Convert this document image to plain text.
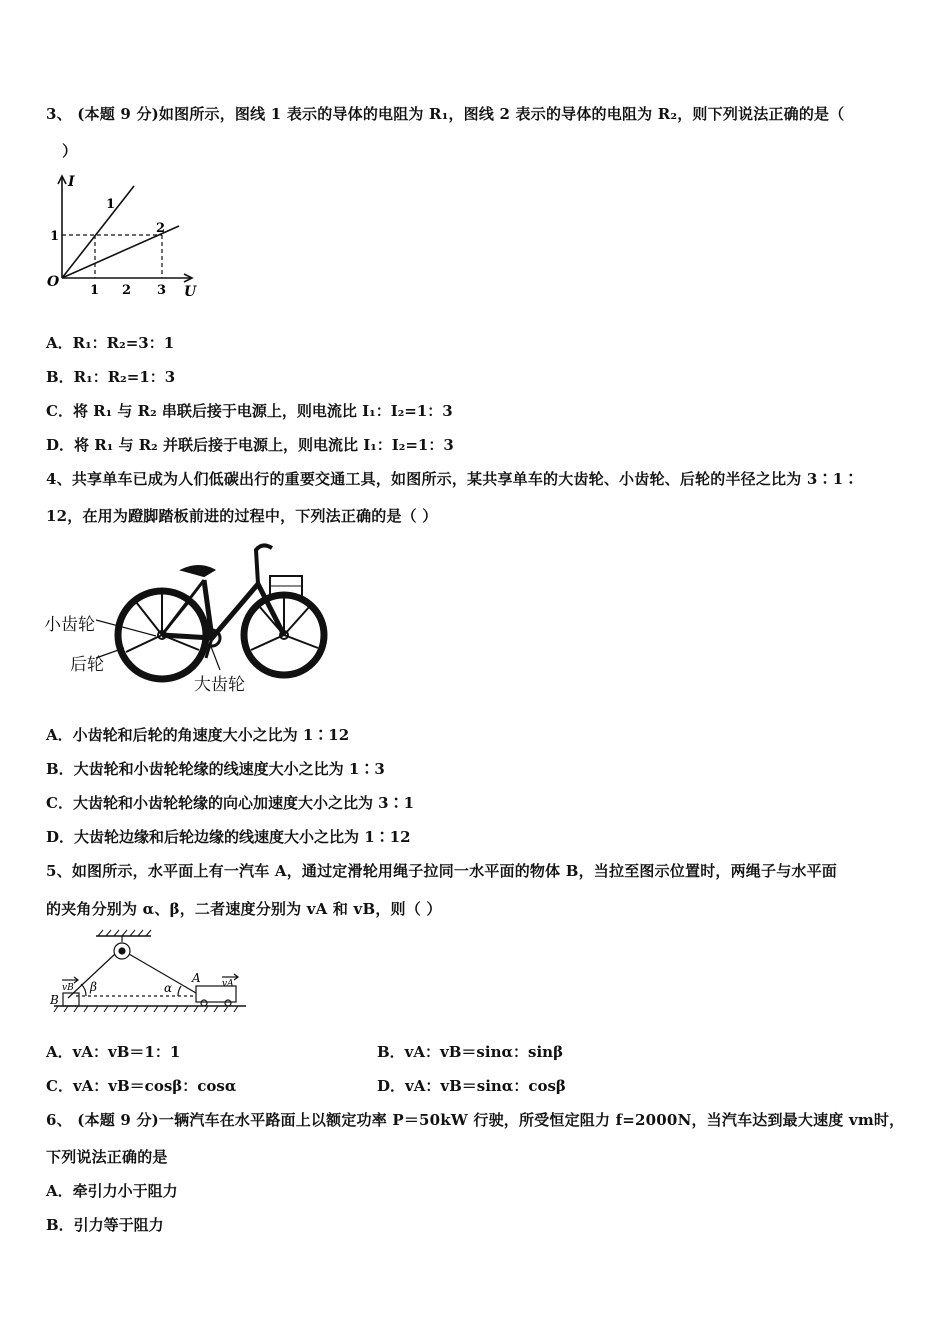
3、 (本题 9 分)如图所示，图线 1 表示的导体的电阻为 R₁，图线 2 表示的导体的电阻为 R₂，则下列说法正确的是（
）
I
U
O
1
2
1
1 2 3
A．R₁：R₂=3：1
B．R₁：R₂=1：3
C．将 R₁ 与 R₂ 串联后接于电源上，则电流比 I₁：I₂=1：3
D．将 R₁ 与 R₂ 并联后接于电源上，则电流比 I₁：I₂=1：3
4、共享单车已成为人们低碳出行的重要交通工具，如图所示，某共享单车的大齿轮、小齿轮、后轮的半径之比为 3∶1∶
12，在用为蹬脚踏板前进的过程中，下列法正确的是（ ）
小齿轮
后轮
大齿轮
A．小齿轮和后轮的角速度大小之比为 1∶12
B．大齿轮和小齿轮轮缘的线速度大小之比为 1∶3
C．大齿轮和小齿轮轮缘的向心加速度大小之比为 3∶1
D．大齿轮边缘和后轮边缘的线速度大小之比为 1∶12
5、如图所示，水平面上有一汽车 A，通过定滑轮用绳子拉同一水平面的物体 B，当拉至图示位置时，两绳子与水平面
的夹角分别为 α、β，二者速度分别为 vA 和 vB，则（ ）
B
A
β	α
vB	vA
A．vA：vB＝1：1	B．vA：vB＝sinα：sinβ
C．vA：vB＝cosβ：cosα	D．vA：vB＝sinα：cosβ
6、 (本题 9 分)一辆汽车在水平路面上以额定功率 P＝50kW 行驶，所受恒定阻力 f=2000N，当汽车达到最大速度 vm时，
下列说法正确的是
A．牵引力小于阻力
B．引力等于阻力
